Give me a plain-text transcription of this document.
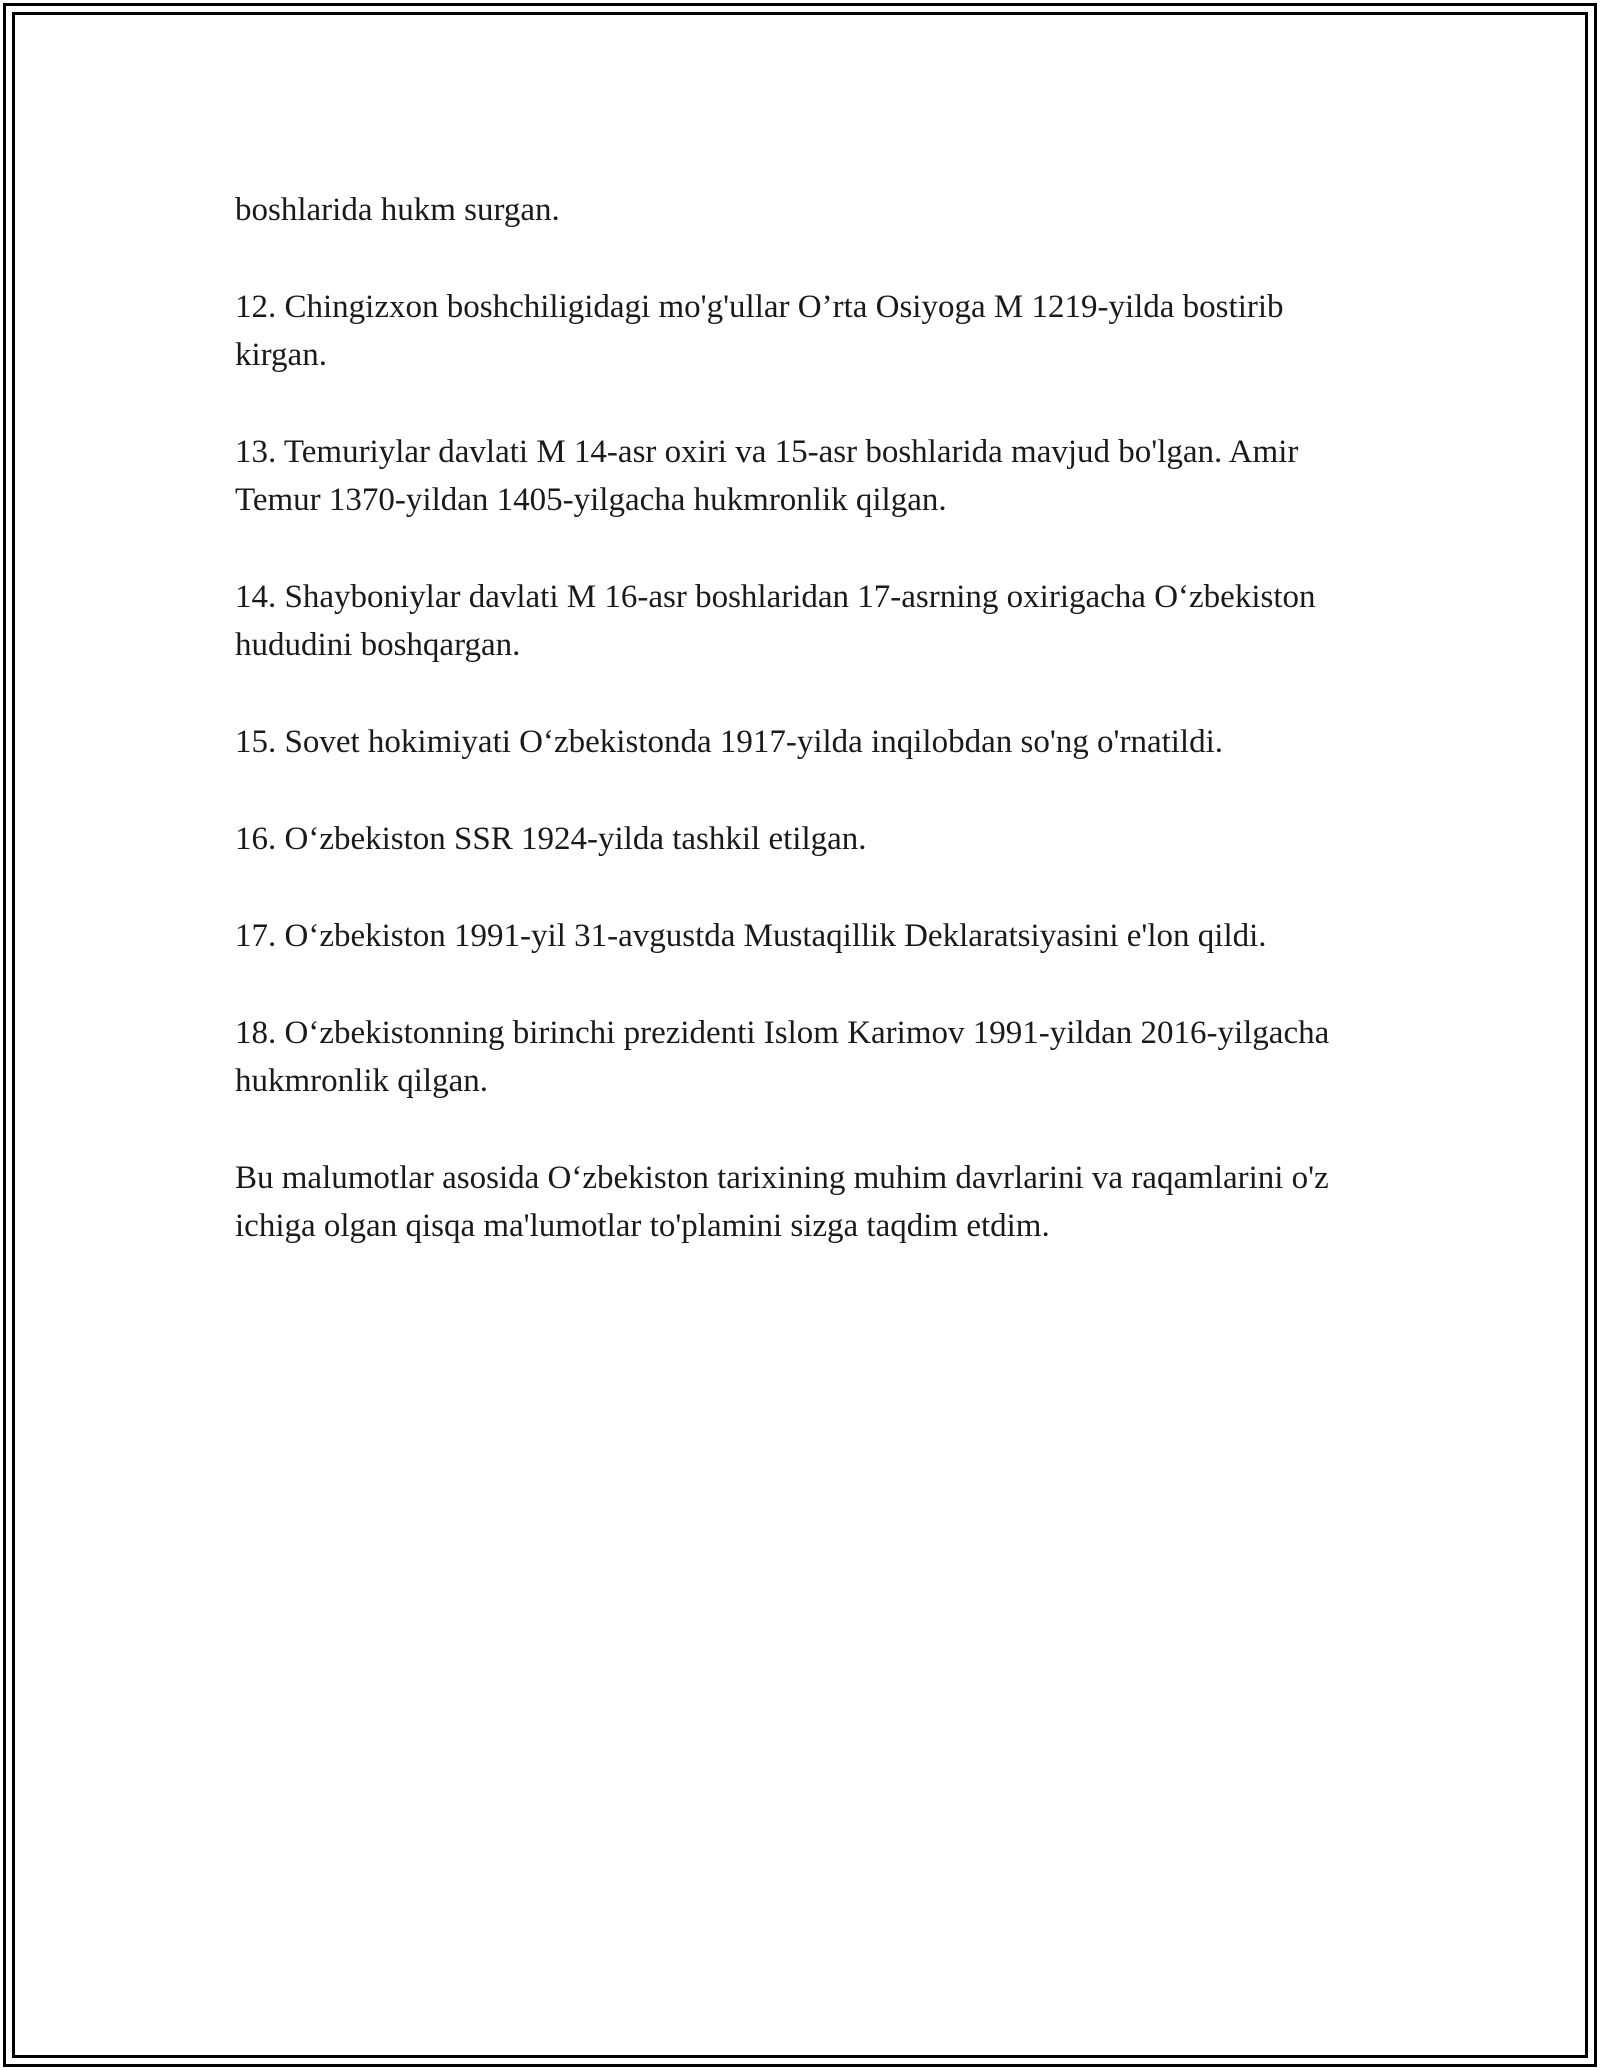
boshlarida hukm surgan.

12. Chingizxon boshchiligidagi mo'g'ullar O’rta Osiyoga M 1219-yilda bostirib kirgan.

13. Temuriylar davlati M 14-asr oxiri va 15-asr boshlarida mavjud bo'lgan. Amir Temur 1370-yildan 1405-yilgacha hukmronlik qilgan.

14. Shayboniylar davlati M 16-asr boshlaridan 17-asrning oxirigacha O‘zbekiston hududini boshqargan.

15. Sovet hokimiyati O‘zbekistonda 1917-yilda inqilobdan so'ng o'rnatildi.

16. O‘zbekiston SSR 1924-yilda tashkil etilgan.

17. O‘zbekiston 1991-yil 31-avgustda Mustaqillik Deklaratsiyasini e'lon qildi.

18. O‘zbekistonning birinchi prezidenti Islom Karimov 1991-yildan 2016-yilgacha hukmronlik qilgan.

Bu malumotlar asosida O‘zbekiston tarixining muhim davrlarini va raqamlarini o'z ichiga olgan qisqa ma'lumotlar to'plamini sizga taqdim etdim.
